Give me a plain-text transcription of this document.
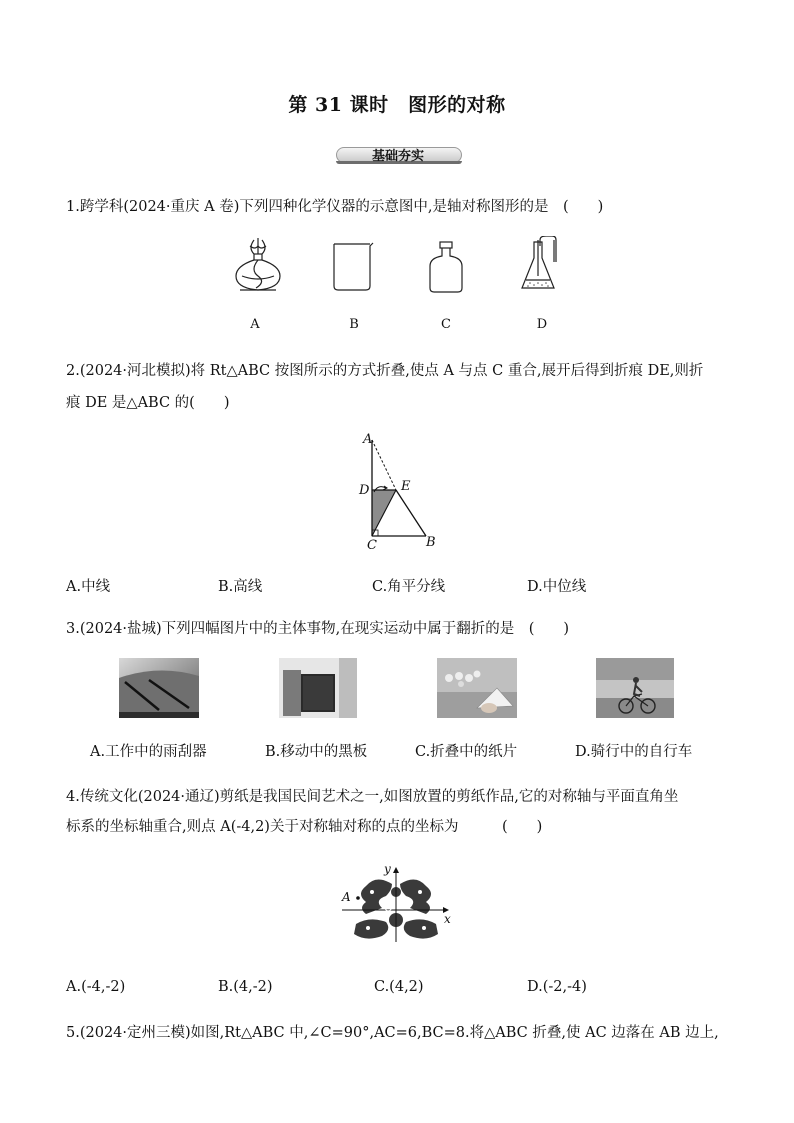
第 31 课时　图形的对称
基础夯实
1.跨学科(2024·重庆 A 卷)下列四种化学仪器的示意图中,是轴对称图形的是　(　　)
A	B	C	D
2.(2024·河北模拟)将 Rt△ABC 按图所示的方式折叠,使点 A 与点 C 重合,展开后得到折痕 DE,则折
痕 DE 是△ABC 的(　　)
A
D E
C	B
A.中线	B.高线	C.角平分线	D.中位线
3.(2024·盐城)下列四幅图片中的主体事物,在现实运动中属于翻折的是　(　　)
A.工作中的雨刮器	B.移动中的黑板	C.折叠中的纸片	D.骑行中的自行车
4.传统文化(2024·通辽)剪纸是我国民间艺术之一,如图放置的剪纸作品,它的对称轴与平面直角坐
标系的坐标轴重合,则点 A(-4,2)关于对称轴对称的点的坐标为　　　(　　)
y
x
O
A
A.(-4,-2)	B.(4,-2)	C.(4,2)	D.(-2,-4)
5.(2024·定州三模)如图,Rt△ABC 中,∠C=90°,AC=6,BC=8.将△ABC 折叠,使 AC 边落在 AB 边上,
